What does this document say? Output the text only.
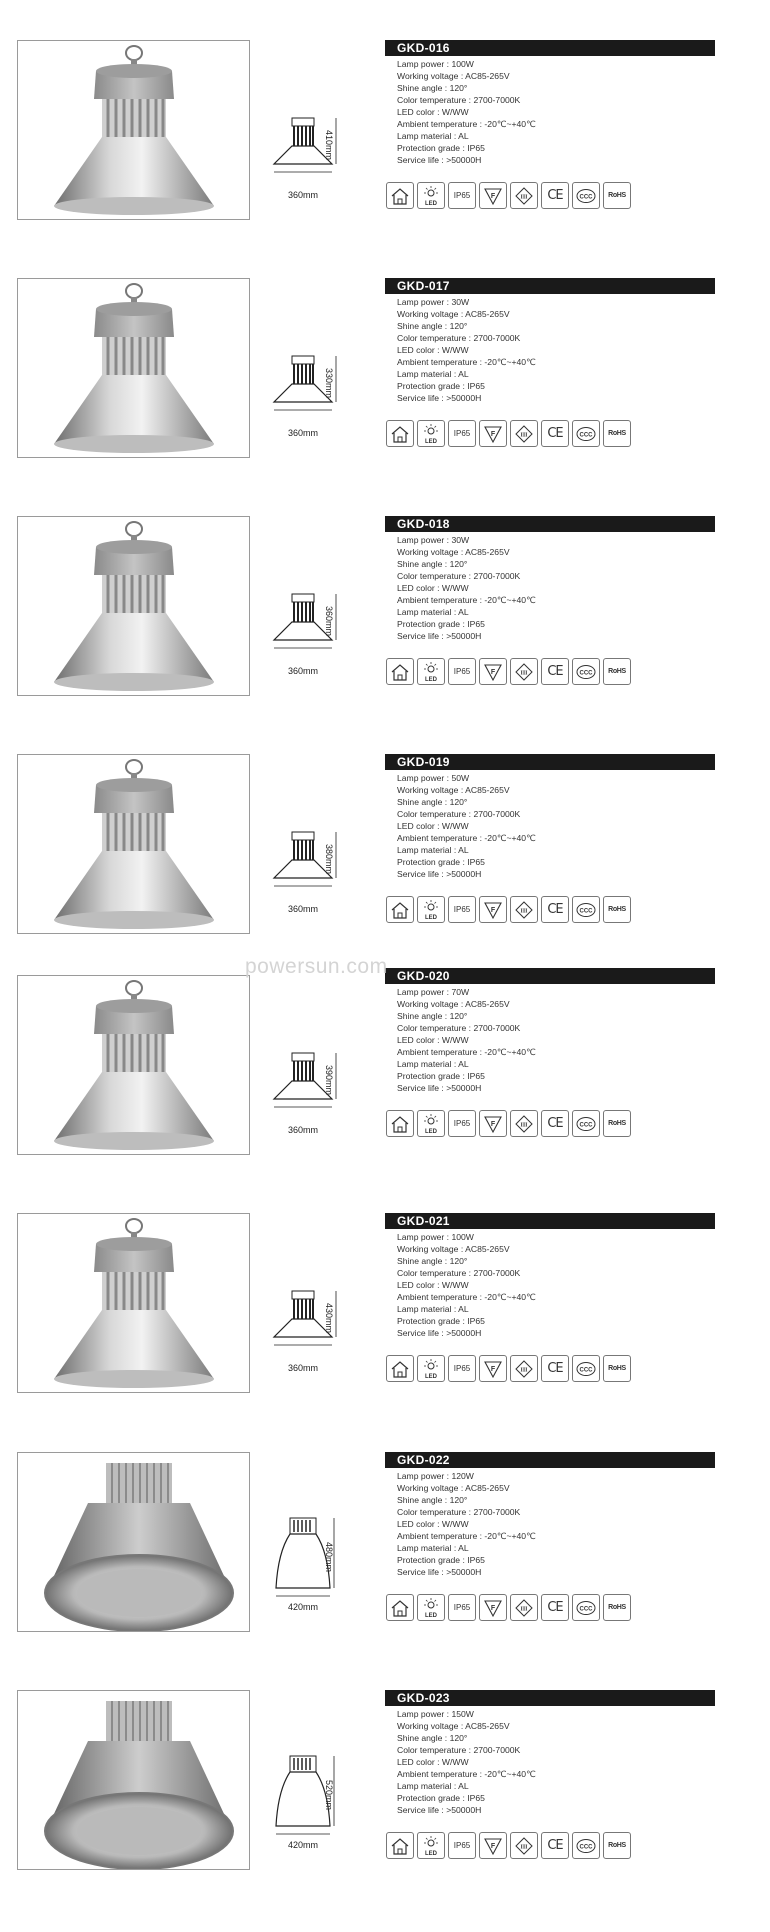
360mm
410mm
GKD-016
Lamp power : 100W
Working voltage : AC85-265V
Shine angle : 120°
Color temperature : 2700-7000K
LED color : W/WW
Ambient temperature : -20℃~+40℃
Lamp material : AL
Protection grade : IP65
Service life : >50000H
LED
IP65	F	III CE	CCC RoHS
360mm
330mm
GKD-017
Lamp power : 30W
Working voltage : AC85-265V
Shine angle : 120°
Color temperature : 2700-7000K
LED color : W/WW
Ambient temperature : -20℃~+40℃
Lamp material : AL
Protection grade : IP65
Service life : >50000H
LED
IP65	F	III CE	CCC RoHS
360mm
360mm
GKD-018
Lamp power : 30W
Working voltage : AC85-265V
Shine angle : 120°
Color temperature : 2700-7000K
LED color : W/WW
Ambient temperature : -20℃~+40℃
Lamp material : AL
Protection grade : IP65
Service life : >50000H
LED
IP65	F	III CE	CCC RoHS
360mm
380mm
GKD-019
Lamp power : 50W
Working voltage : AC85-265V
Shine angle : 120°
Color temperature : 2700-7000K
LED color : W/WW
Ambient temperature : -20℃~+40℃
Lamp material : AL
Protection grade : IP65
Service life : >50000H
LED
IP65	F	III CE	CCC RoHS
360mm
390mm
GKD-020
Lamp power : 70W
Working voltage : AC85-265V
Shine angle : 120°
Color temperature : 2700-7000K
LED color : W/WW
Ambient temperature : -20℃~+40℃
Lamp material : AL
Protection grade : IP65
Service life : >50000H
LED
IP65	F	III CE	CCC RoHS
360mm
430mm
GKD-021
Lamp power : 100W
Working voltage : AC85-265V
Shine angle : 120°
Color temperature : 2700-7000K
LED color : W/WW
Ambient temperature : -20℃~+40℃
Lamp material : AL
Protection grade : IP65
Service life : >50000H
LED
IP65	F	III CE	CCC RoHS
420mm
480mm
GKD-022
Lamp power : 120W
Working voltage : AC85-265V
Shine angle : 120°
Color temperature : 2700-7000K
LED color : W/WW
Ambient temperature : -20℃~+40℃
Lamp material : AL
Protection grade : IP65
Service life : >50000H
LED
IP65	F	III CE	CCC RoHS
420mm
520mm
GKD-023
Lamp power : 150W
Working voltage : AC85-265V
Shine angle : 120°
Color temperature : 2700-7000K
LED color : W/WW
Ambient temperature : -20℃~+40℃
Lamp material : AL
Protection grade : IP65
Service life : >50000H
LED
IP65	F	III CE	CCC RoHS
powersun.com
